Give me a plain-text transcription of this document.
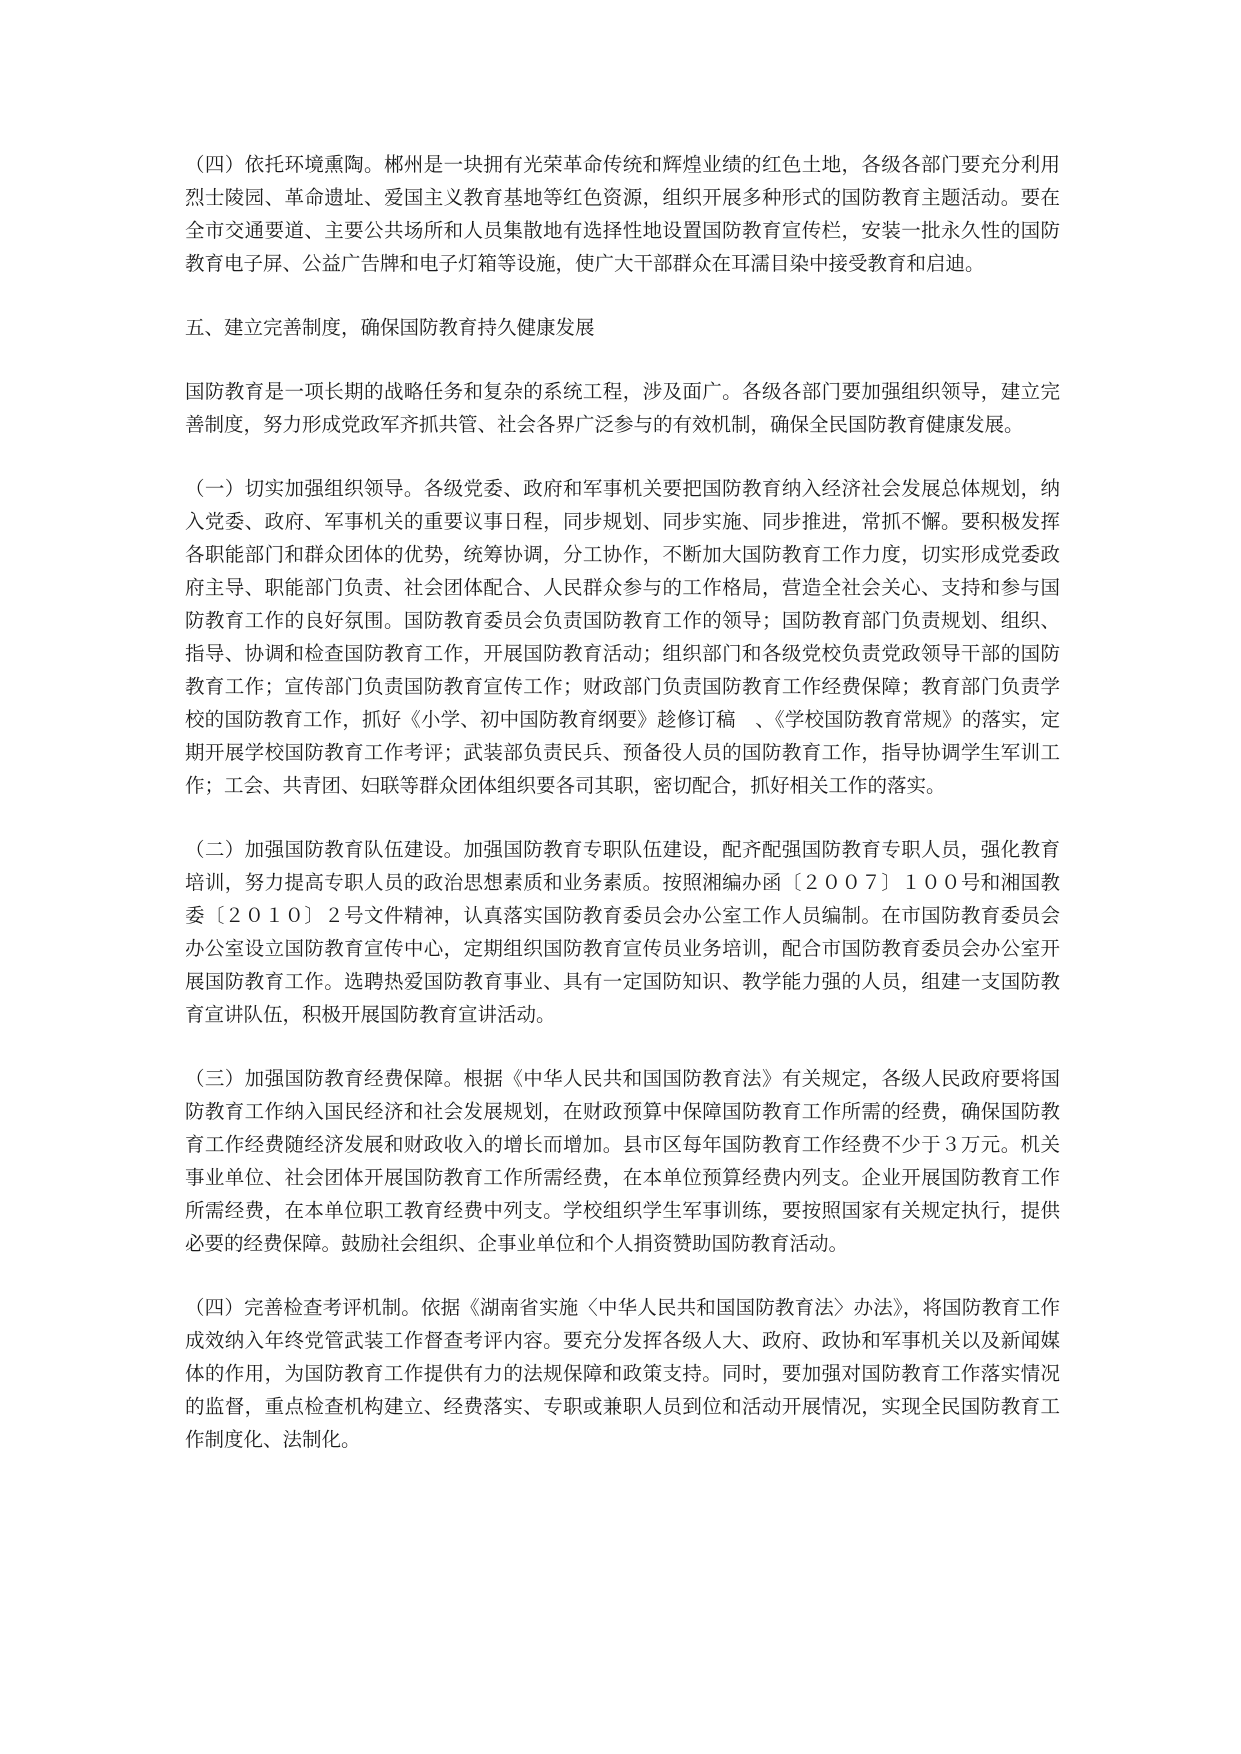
（四）依托环境熏陶。郴州是一块拥有光荣革命传统和辉煌业绩的红色土地，各级各部门要充分利用烈士陵园、革命遗址、爱国主义教育基地等红色资源，组织开展多种形式的国防教育主题活动。要在全市交通要道、主要公共场所和人员集散地有选择性地设置国防教育宣传栏，安装一批永久性的国防教育电子屏、公益广告牌和电子灯箱等设施，使广大干部群众在耳濡目染中接受教育和启迪。

五、建立完善制度，确保国防教育持久健康发展

国防教育是一项长期的战略任务和复杂的系统工程，涉及面广。各级各部门要加强组织领导，建立完善制度，努力形成党政军齐抓共管、社会各界广泛参与的有效机制，确保全民国防教育健康发展。

（一）切实加强组织领导。各级党委、政府和军事机关要把国防教育纳入经济社会发展总体规划，纳入党委、政府、军事机关的重要议事日程，同步规划、同步实施、同步推进，常抓不懈。要积极发挥各职能部门和群众团体的优势，统筹协调，分工协作，不断加大国防教育工作力度，切实形成党委政府主导、职能部门负责、社会团体配合、人民群众参与的工作格局，营造全社会关心、支持和参与国防教育工作的良好氛围。国防教育委员会负责国防教育工作的领导；国防教育部门负责规划、组织、指导、协调和检查国防教育工作，开展国防教育活动；组织部门和各级党校负责党政领导干部的国防教育工作；宣传部门负责国防教育宣传工作；财政部门负责国防教育工作经费保障；教育部门负责学校的国防教育工作，抓好《小学、初中国防教育纲要》趁修订稿　、《学校国防教育常规》的落实，定期开展学校国防教育工作考评；武装部负责民兵、预备役人员的国防教育工作，指导协调学生军训工作；工会、共青团、妇联等群众团体组织要各司其职，密切配合，抓好相关工作的落实。

（二）加强国防教育队伍建设。加强国防教育专职队伍建设，配齐配强国防教育专职人员，强化教育培训，努力提高专职人员的政治思想素质和业务素质。按照湘编办函〔２００７〕１００号和湘国教委〔２０１０〕２号文件精神，认真落实国防教育委员会办公室工作人员编制。在市国防教育委员会办公室设立国防教育宣传中心，定期组织国防教育宣传员业务培训，配合市国防教育委员会办公室开展国防教育工作。选聘热爱国防教育事业、具有一定国防知识、教学能力强的人员，组建一支国防教育宣讲队伍，积极开展国防教育宣讲活动。

（三）加强国防教育经费保障。根据《中华人民共和国国防教育法》有关规定，各级人民政府要将国防教育工作纳入国民经济和社会发展规划，在财政预算中保障国防教育工作所需的经费，确保国防教育工作经费随经济发展和财政收入的增长而增加。县市区每年国防教育工作经费不少于３万元。机关事业单位、社会团体开展国防教育工作所需经费，在本单位预算经费内列支。企业开展国防教育工作所需经费，在本单位职工教育经费中列支。学校组织学生军事训练，要按照国家有关规定执行，提供必要的经费保障。鼓励社会组织、企事业单位和个人捐资赞助国防教育活动。

（四）完善检查考评机制。依据《湖南省实施〈中华人民共和国国防教育法〉办法》，将国防教育工作成效纳入年终党管武装工作督查考评内容。要充分发挥各级人大、政府、政协和军事机关以及新闻媒体的作用，为国防教育工作提供有力的法规保障和政策支持。同时，要加强对国防教育工作落实情况的监督，重点检查机构建立、经费落实、专职或兼职人员到位和活动开展情况，实现全民国防教育工作制度化、法制化。
